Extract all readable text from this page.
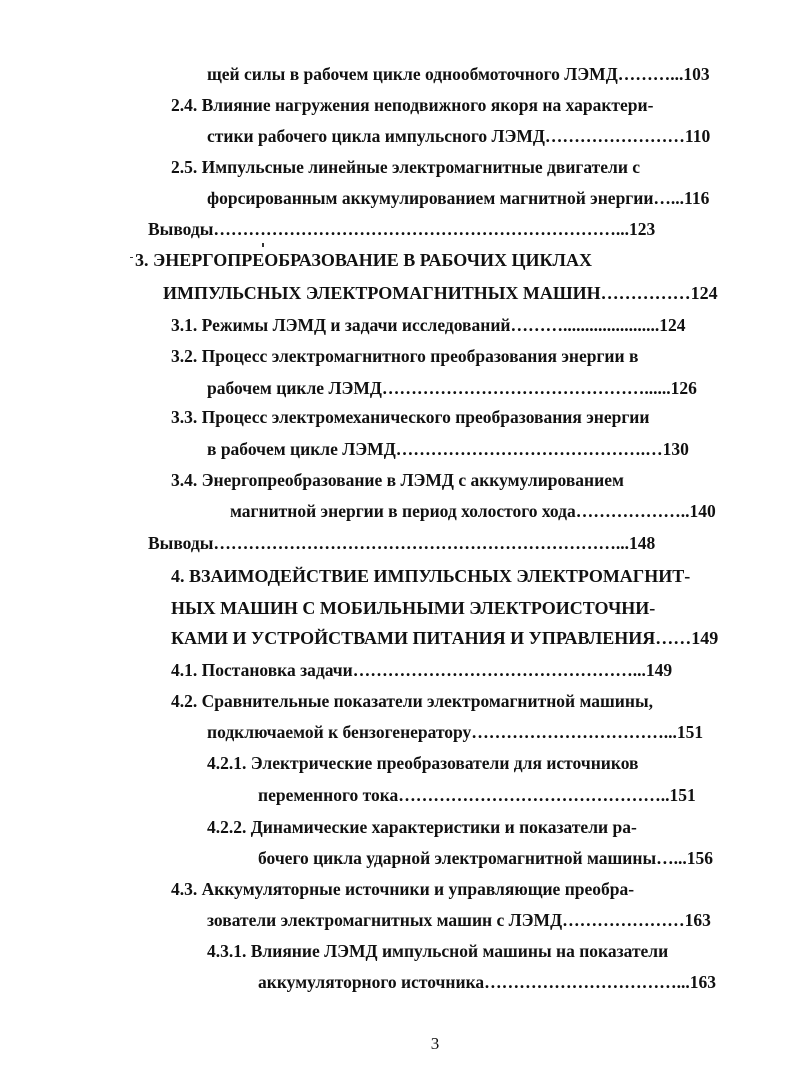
щей силы в рабочем цикле однообмоточного ЛЭМД………...103
2.4. Влияние нагружения неподвижного якоря на характери-
стики рабочего цикла импульсного ЛЭМД……………………110
2.5. Импульсные линейные электромагнитные двигатели с
форсированным аккумулированием магнитной энергии…...116
Выводы……………………………………………………………...123
3. ЭНЕРГОПРЕОБРАЗОВАНИЕ В РАБОЧИХ ЦИКЛАХ
ИМПУЛЬСНЫХ ЭЛЕКТРОМАГНИТНЫХ МАШИН……………124
3.1. Режимы ЛЭМД и задачи исследований………......................124
3.2. Процесс электромагнитного преобразования энергии в
рабочем цикле ЛЭМД………………………………………......126
3.3. Процесс электромеханического преобразования энергии
в рабочем цикле ЛЭМД…………………………………….…130
3.4. Энергопреобразование в ЛЭМД с аккумулированием
магнитной энергии в период холостого хода………………..140
Выводы……………………………………………………………...148
4. ВЗАИМОДЕЙСТВИЕ ИМПУЛЬСНЫХ ЭЛЕКТРОМАГНИТ-
НЫХ МАШИН С МОБИЛЬНЫМИ ЭЛЕКТРОИСТОЧНИ-
КАМИ И УСТРОЙСТВАМИ ПИТАНИЯ И УПРАВЛЕНИЯ……149
4.1. Постановка задачи…………………………………………...149
4.2. Сравнительные показатели электромагнитной машины,
подключаемой к бензогенератору……………………………...151
4.2.1. Электрические преобразователи для источников
переменного тока………………………………………..151
4.2.2. Динамические характеристики и показатели ра-
бочего цикла ударной электромагнитной машины…...156
4.3. Аккумуляторные источники и управляющие преобра-
зователи электромагнитных машин с ЛЭМД…………………163
4.3.1. Влияние ЛЭМД импульсной машины на показатели
аккумуляторного источника……………………………...163
3
